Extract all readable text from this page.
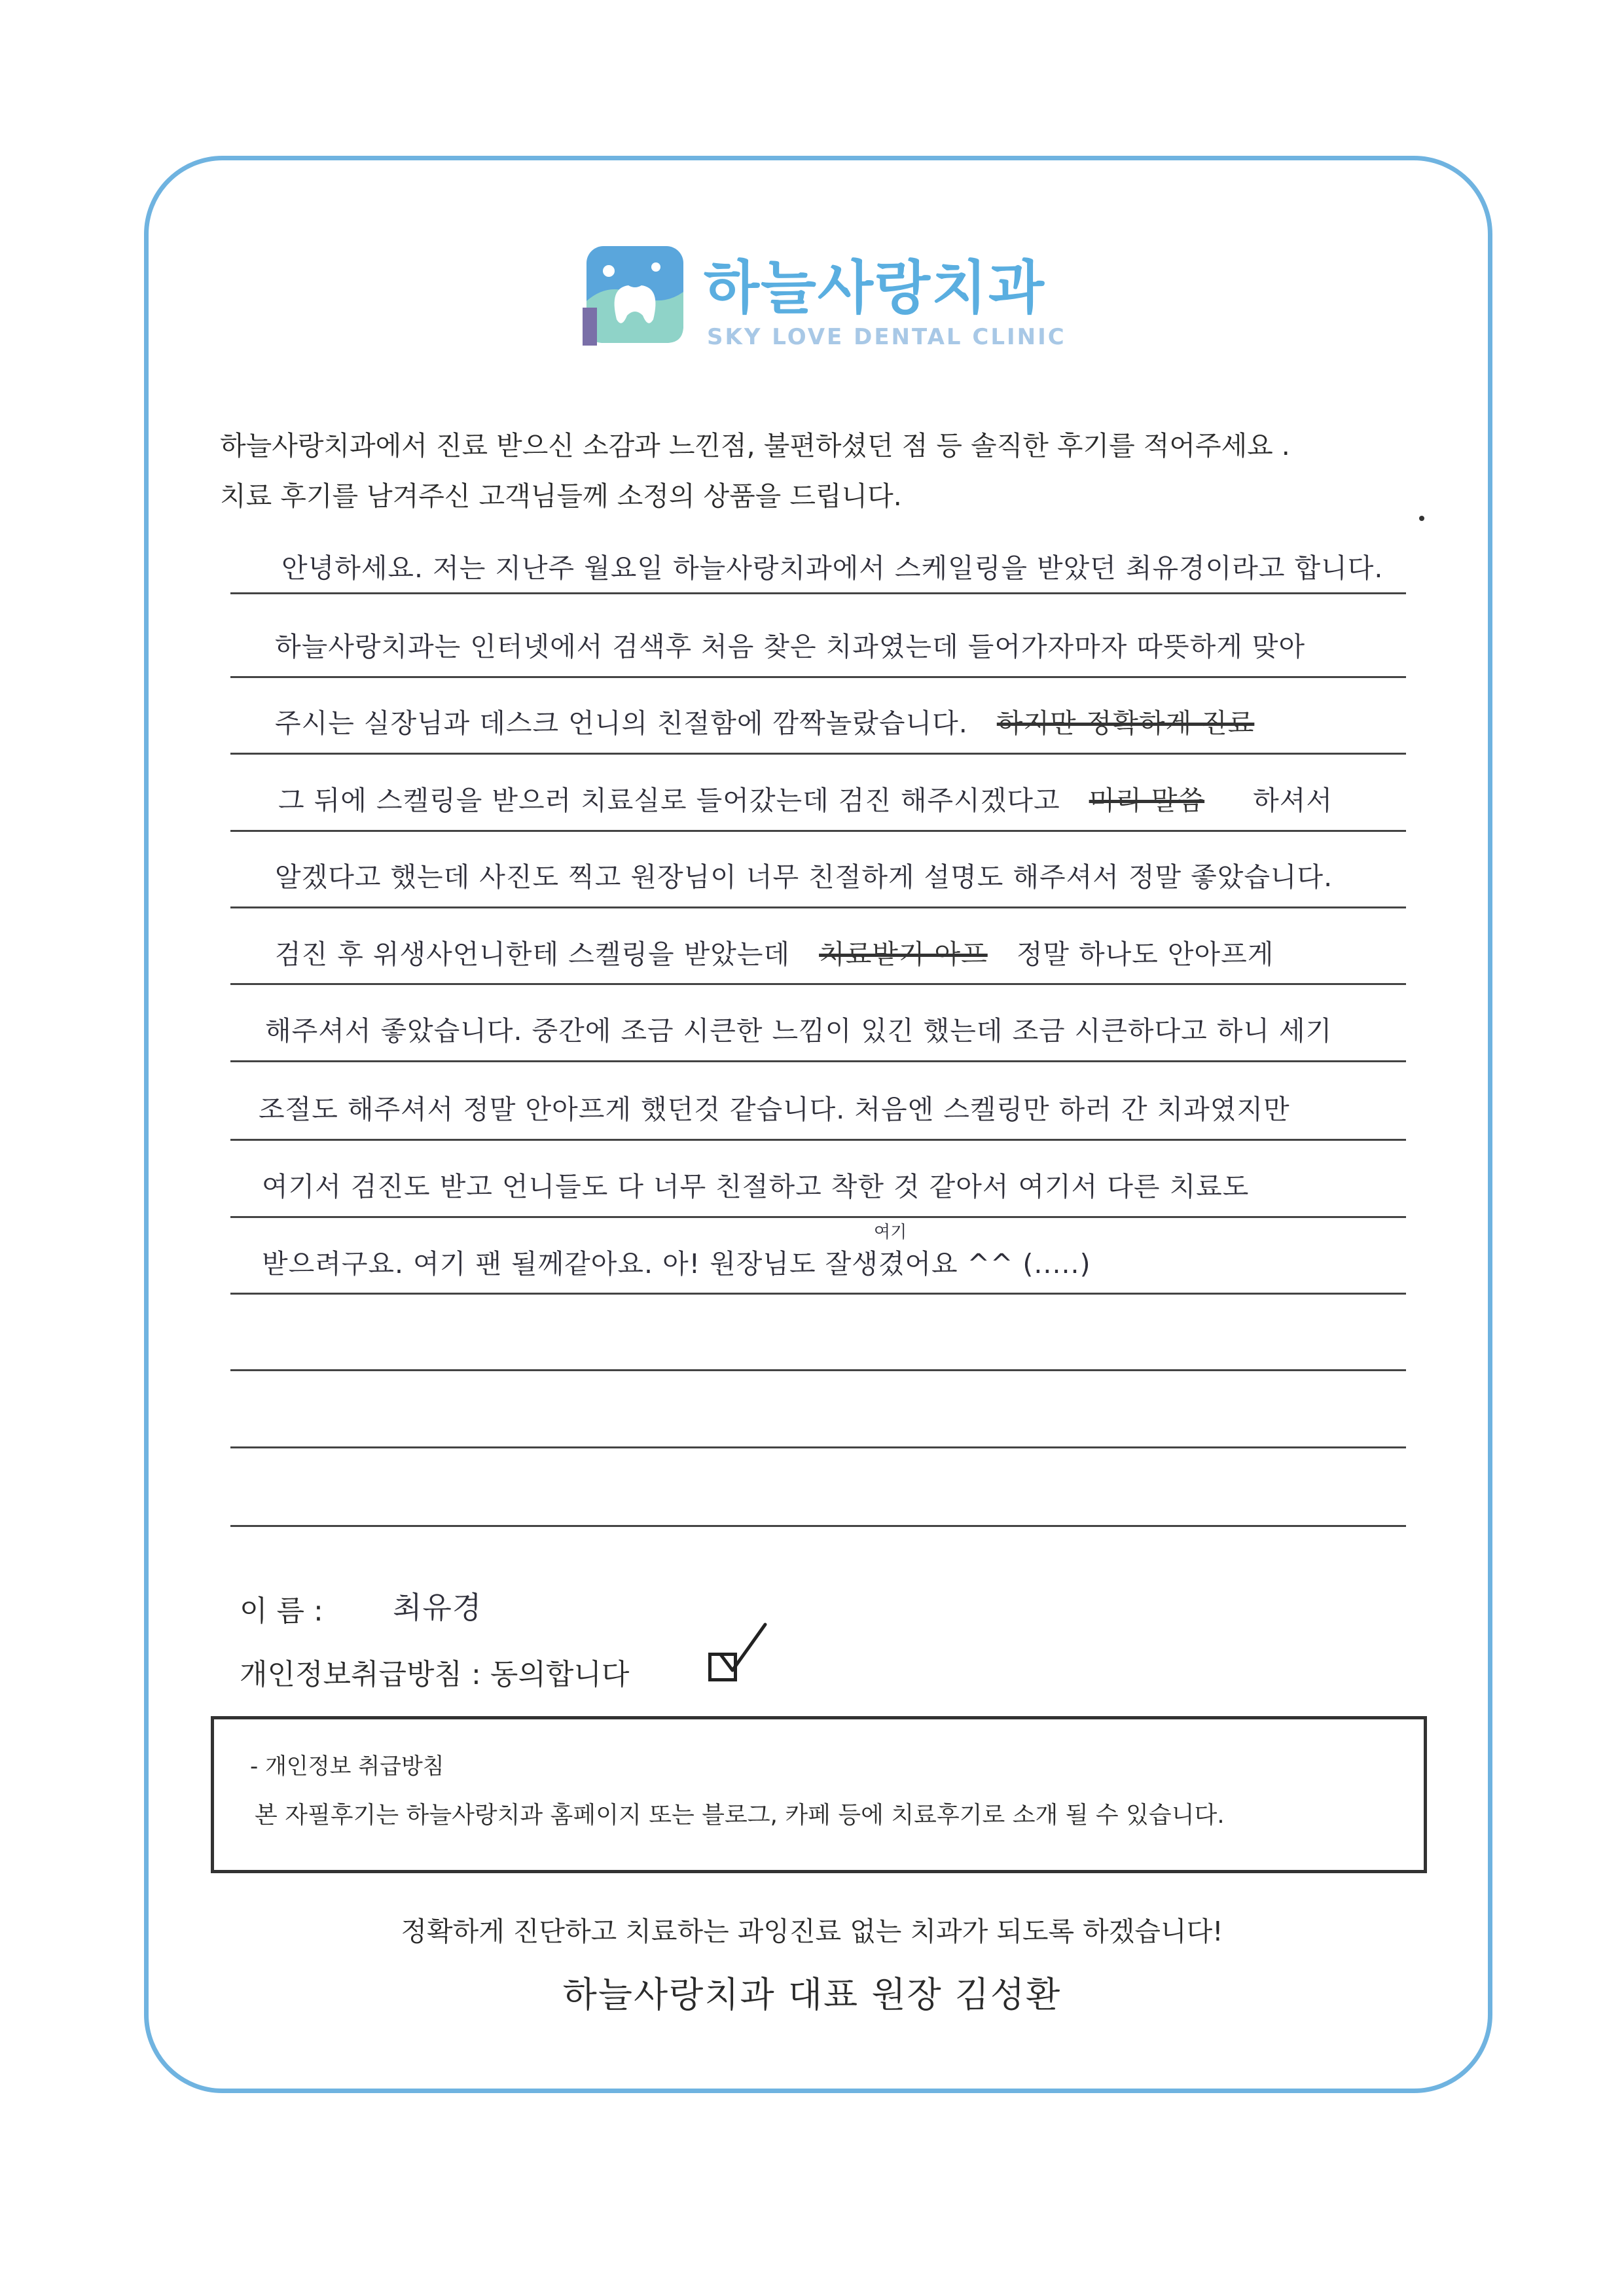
하늘사랑치과
SKY LOVE DENTAL CLINIC
하늘사랑치과에서 진료 받으신 소감과 느낀점, 불편하셨던 점 등 솔직한 후기를 적어주세요 .
치료 후기를 남겨주신 고객님들께 소정의 상품을 드립니다.
안녕하세요. 저는 지난주 월요일 하늘사랑치과에서 스케일링을 받았던 최유경이라고 합니다.
하늘사랑치과는 인터넷에서 검색후 처음 찾은 치과였는데 들어가자마자 따뜻하게 맞아
주시는 실장님과 데스크 언니의 친절함에 깜짝놀랐습니다. 하지만 정확하게 진료
그 뒤에 스켈링을 받으러 치료실로 들어갔는데 검진 해주시겠다고 미리 말씀 하셔서
알겠다고 했는데 사진도 찍고 원장님이 너무 친절하게 설명도 해주셔서 정말 좋았습니다.
검진 후 위생사언니한테 스켈링을 받았는데 치료받기 아프 정말 하나도 안아프게
해주셔서 좋았습니다. 중간에 조금 시큰한 느낌이 있긴 했는데 조금 시큰하다고 하니 세기
조절도 해주셔서 정말 안아프게 했던것 같습니다. 처음엔 스켈링만 하러 간 치과였지만
여기서 검진도 받고 언니들도 다 너무 친절하고 착한 것 같아서 여기서 다른 치료도
여기
받으려구요. 여기 팬 될께같아요. 아! 원장님도 잘생겼어요 ^^ (.....)
이 름 : 최유경
개인정보취급방침 : 동의합니다
- 개인정보 취급방침
본 자필후기는 하늘사랑치과 홈페이지 또는 블로그, 카페 등에 치료후기로 소개 될 수 있습니다.
정확하게 진단하고 치료하는 과잉진료 없는 치과가 되도록 하겠습니다!
하늘사랑치과 대표 원장 김성환
